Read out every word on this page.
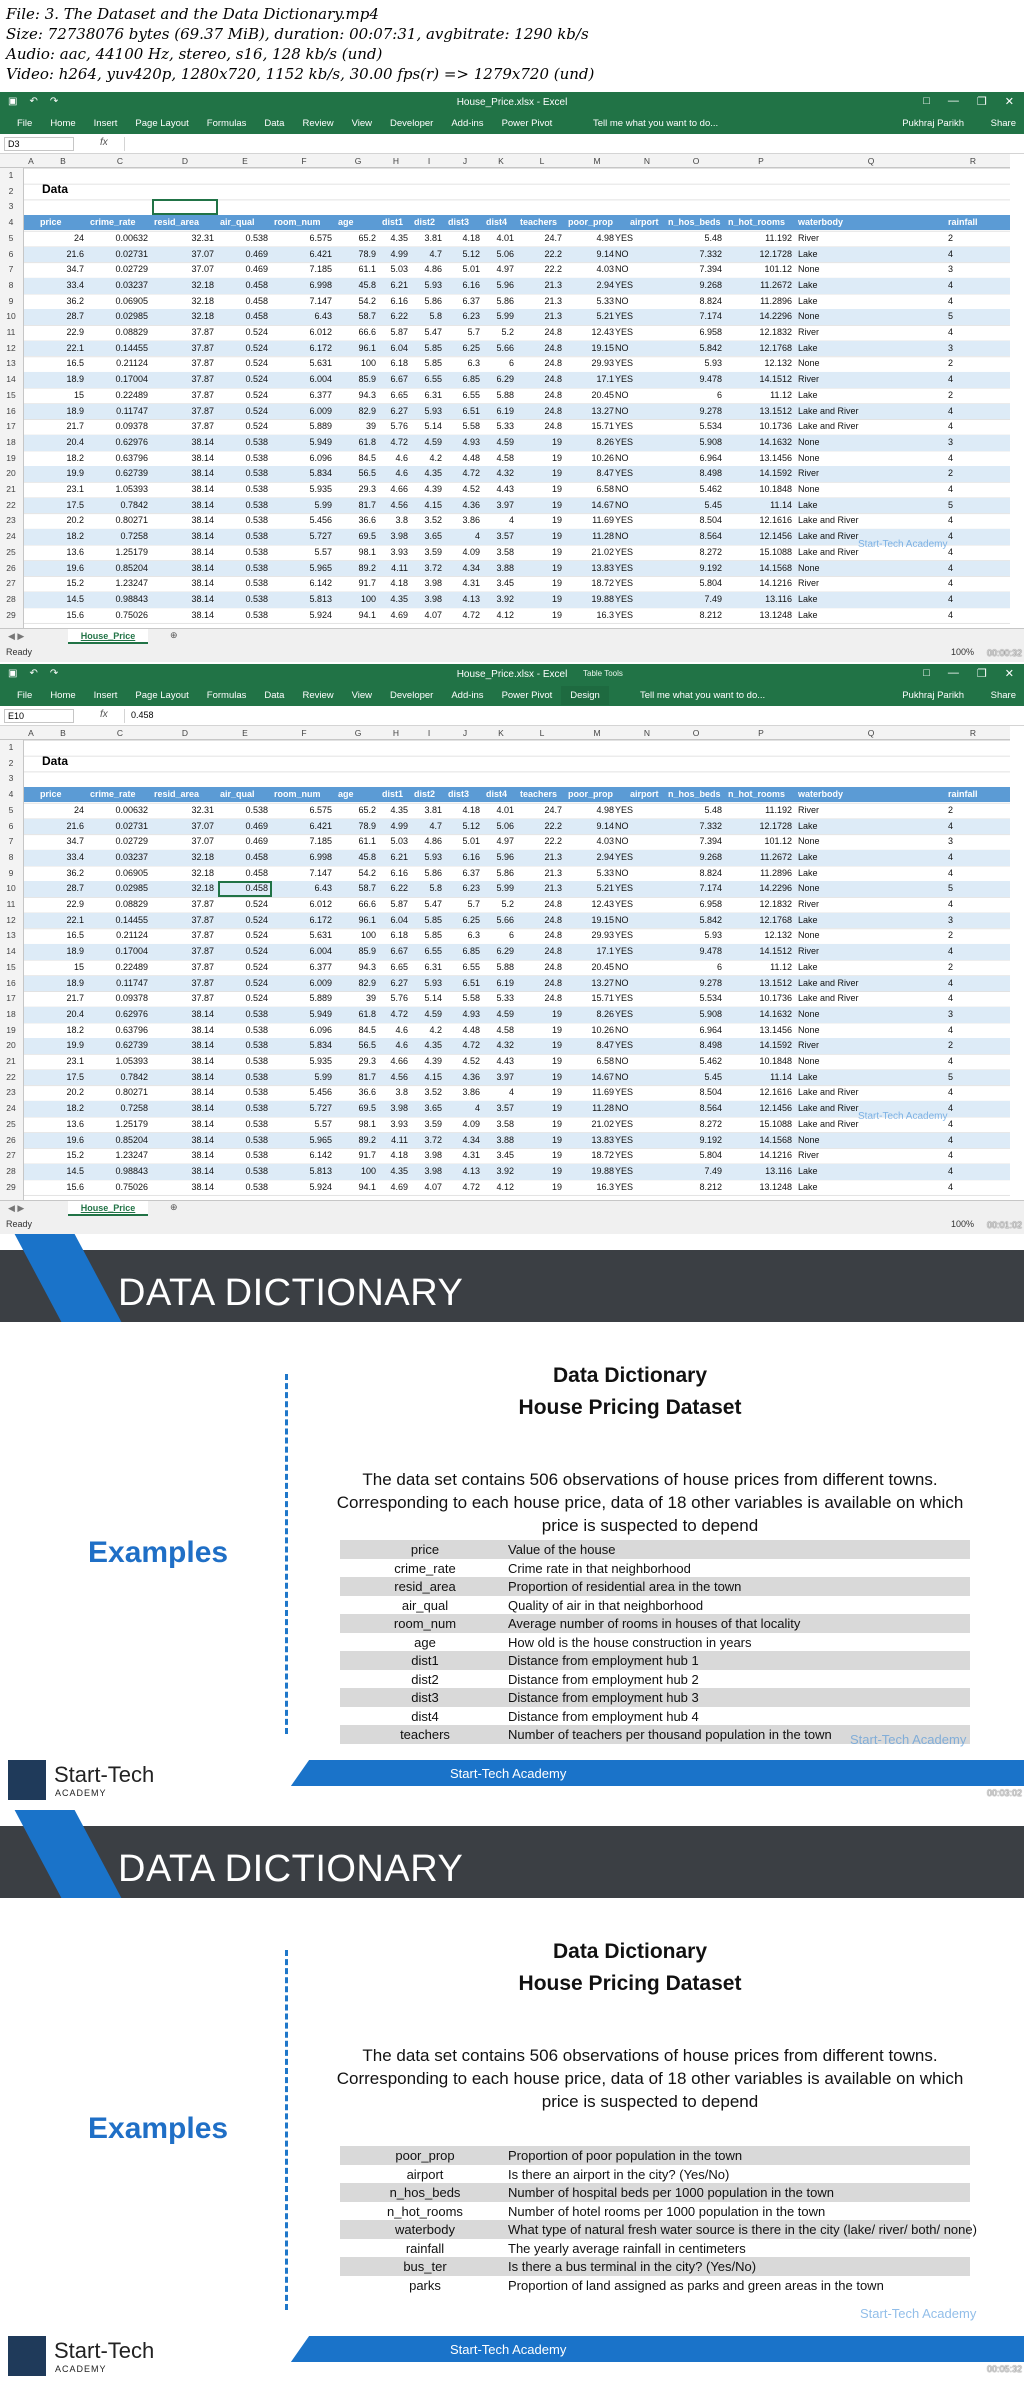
File: 3. The Dataset and the Data Dictionary.mp4
Size: 72738076 bytes (69.37 MiB), duration: 00:07:31, avgbitrate: 1290 kb/s
Audio: aac, 44100 Hz, stereo, s16, 128 kb/s (und)
Video: h264, yuv420p, 1280x720, 1152 kb/s, 30.00 fps(r) => 1279x720 (und)
▣ ↶ ↷	House_Price.xlsx - Excel	□ — ❐ ✕
File	Home	Insert	Page Layout	Formulas	Data	Review	View	Developer	Add-ins	Power Pivot	Tell me what you want to do...	Pukhraj Parikh	Share
D3	fx
A	B	C	D	E	F	G	H	I	J	K	L	M	N	O	P	Q	R
1
2
3
4
5
6
7
8
9
10
11
12
13
14
15
16
17
18
19
20
21
22
23
24
25
26
27
28
29
Data
price	crime_rate	resid_area	air_qual	room_num	age	dist1	dist2	dist3	dist4	teachers	poor_prop	airport	n_hos_beds n_hot_rooms	waterbody	rainfall
24	0.00632	32.31	0.538	6.575	65.2	4.35	3.81	4.18	4.01	24.7	4.98 YES	5.48	11.192 River	2
21.6	0.02731	37.07	0.469	6.421	78.9	4.99	4.7	5.12	5.06	22.2	9.14 NO	7.332	12.1728 Lake	4
34.7	0.02729	37.07	0.469	7.185	61.1	5.03	4.86	5.01	4.97	22.2	4.03 NO	7.394	101.12 None	3
33.4	0.03237	32.18	0.458	6.998	45.8	6.21	5.93	6.16	5.96	21.3	2.94 YES	9.268	11.2672 Lake	4
36.2	0.06905	32.18	0.458	7.147	54.2	6.16	5.86	6.37	5.86	21.3	5.33 NO	8.824	11.2896 Lake	4
28.7	0.02985	32.18	0.458	6.43	58.7	6.22	5.8	6.23	5.99	21.3	5.21 YES	7.174	14.2296 None	5
22.9	0.08829	37.87	0.524	6.012	66.6	5.87	5.47	5.7	5.2	24.8	12.43 YES	6.958	12.1832 River	4
22.1	0.14455	37.87	0.524	6.172	96.1	6.04	5.85	6.25	5.66	24.8	19.15 NO	5.842	12.1768 Lake	3
16.5	0.21124	37.87	0.524	5.631	100	6.18	5.85	6.3	6	24.8	29.93 YES	5.93	12.132 None	2
18.9	0.17004	37.87	0.524	6.004	85.9	6.67	6.55	6.85	6.29	24.8	17.1 YES	9.478	14.1512 River	4
15	0.22489	37.87	0.524	6.377	94.3	6.65	6.31	6.55	5.88	24.8	20.45 NO	6	11.12 Lake	2
18.9	0.11747	37.87	0.524	6.009	82.9	6.27	5.93	6.51	6.19	24.8	13.27 NO	9.278	13.1512 Lake and River	4
21.7	0.09378	37.87	0.524	5.889	39	5.76	5.14	5.58	5.33	24.8	15.71 YES	5.534	10.1736 Lake and River	4
20.4	0.62976	38.14	0.538	5.949	61.8	4.72	4.59	4.93	4.59	19	8.26 YES	5.908	14.1632 None	3
18.2	0.63796	38.14	0.538	6.096	84.5	4.6	4.2	4.48	4.58	19	10.26 NO	6.964	13.1456 None	4
19.9	0.62739	38.14	0.538	5.834	56.5	4.6	4.35	4.72	4.32	19	8.47 YES	8.498	14.1592 River	2
23.1	1.05393	38.14	0.538	5.935	29.3	4.66	4.39	4.52	4.43	19	6.58 NO	5.462	10.1848 None	4
17.5	0.7842	38.14	0.538	5.99	81.7	4.56	4.15	4.36	3.97	19	14.67 NO	5.45	11.14 Lake	5
20.2	0.80271	38.14	0.538	5.456	36.6	3.8	3.52	3.86	4	19	11.69 YES	8.504	12.1616 Lake and River	4
18.2	0.7258	38.14	0.538	5.727	69.5	3.98	3.65	4	3.57	19	11.28 NO	8.564	12.1456 Lake and River	4
13.6	1.25179	38.14	0.538	5.57	98.1	3.93	3.59	4.09	3.58	19	21.02 YES	8.272	15.1088 Lake and River	4
19.6	0.85204	38.14	0.538	5.965	89.2	4.11	3.72	4.34	3.88	19	13.83 YES	9.192	14.1568 None	4
15.2	1.23247	38.14	0.538	6.142	91.7	4.18	3.98	4.31	3.45	19	18.72 YES	5.804	14.1216 River	4
14.5	0.98843	38.14	0.538	5.813	100	4.35	3.98	4.13	3.92	19	19.88 YES	7.49	13.116 Lake	4
15.6	0.75026	38.14	0.538	5.924	94.1	4.69	4.07	4.72	4.12	19	16.3 YES	8.212	13.1248 Lake	4
Start-Tech Academy
◀ ▶	House_Price	⊕
Ready	100% 00:00:32
▣ ↶ ↷	House_Price.xlsx - Excel	Table Tools	□ — ❐ ✕
File	Home	Insert	Page Layout	Formulas	Data	Review	View	Developer	Add-ins	Power Pivot	Design	Tell me what you want to do...	Pukhraj Parikh	Share
E10	fx	0.458
A	B	C	D	E	F	G	H	I	J	K	L	M	N	O	P	Q	R
1
2
3
4
5
6
7
8
9
10
11
12
13
14
15
16
17
18
19
20
21
22
23
24
25
26
27
28
29
Data
price	crime_rate	resid_area	air_qual	room_num	age	dist1	dist2	dist3	dist4	teachers	poor_prop	airport	n_hos_beds n_hot_rooms	waterbody	rainfall
24	0.00632	32.31	0.538	6.575	65.2	4.35	3.81	4.18	4.01	24.7	4.98 YES	5.48	11.192 River	2
21.6	0.02731	37.07	0.469	6.421	78.9	4.99	4.7	5.12	5.06	22.2	9.14 NO	7.332	12.1728 Lake	4
34.7	0.02729	37.07	0.469	7.185	61.1	5.03	4.86	5.01	4.97	22.2	4.03 NO	7.394	101.12 None	3
33.4	0.03237	32.18	0.458	6.998	45.8	6.21	5.93	6.16	5.96	21.3	2.94 YES	9.268	11.2672 Lake	4
36.2	0.06905	32.18	0.458	7.147	54.2	6.16	5.86	6.37	5.86	21.3	5.33 NO	8.824	11.2896 Lake	4
28.7	0.02985	32.18	0.458	6.43	58.7	6.22	5.8	6.23	5.99	21.3	5.21 YES	7.174	14.2296 None	5
22.9	0.08829	37.87	0.524	6.012	66.6	5.87	5.47	5.7	5.2	24.8	12.43 YES	6.958	12.1832 River	4
22.1	0.14455	37.87	0.524	6.172	96.1	6.04	5.85	6.25	5.66	24.8	19.15 NO	5.842	12.1768 Lake	3
16.5	0.21124	37.87	0.524	5.631	100	6.18	5.85	6.3	6	24.8	29.93 YES	5.93	12.132 None	2
18.9	0.17004	37.87	0.524	6.004	85.9	6.67	6.55	6.85	6.29	24.8	17.1 YES	9.478	14.1512 River	4
15	0.22489	37.87	0.524	6.377	94.3	6.65	6.31	6.55	5.88	24.8	20.45 NO	6	11.12 Lake	2
18.9	0.11747	37.87	0.524	6.009	82.9	6.27	5.93	6.51	6.19	24.8	13.27 NO	9.278	13.1512 Lake and River	4
21.7	0.09378	37.87	0.524	5.889	39	5.76	5.14	5.58	5.33	24.8	15.71 YES	5.534	10.1736 Lake and River	4
20.4	0.62976	38.14	0.538	5.949	61.8	4.72	4.59	4.93	4.59	19	8.26 YES	5.908	14.1632 None	3
18.2	0.63796	38.14	0.538	6.096	84.5	4.6	4.2	4.48	4.58	19	10.26 NO	6.964	13.1456 None	4
19.9	0.62739	38.14	0.538	5.834	56.5	4.6	4.35	4.72	4.32	19	8.47 YES	8.498	14.1592 River	2
23.1	1.05393	38.14	0.538	5.935	29.3	4.66	4.39	4.52	4.43	19	6.58 NO	5.462	10.1848 None	4
17.5	0.7842	38.14	0.538	5.99	81.7	4.56	4.15	4.36	3.97	19	14.67 NO	5.45	11.14 Lake	5
20.2	0.80271	38.14	0.538	5.456	36.6	3.8	3.52	3.86	4	19	11.69 YES	8.504	12.1616 Lake and River	4
18.2	0.7258	38.14	0.538	5.727	69.5	3.98	3.65	4	3.57	19	11.28 NO	8.564	12.1456 Lake and River	4
13.6	1.25179	38.14	0.538	5.57	98.1	3.93	3.59	4.09	3.58	19	21.02 YES	8.272	15.1088 Lake and River	4
19.6	0.85204	38.14	0.538	5.965	89.2	4.11	3.72	4.34	3.88	19	13.83 YES	9.192	14.1568 None	4
15.2	1.23247	38.14	0.538	6.142	91.7	4.18	3.98	4.31	3.45	19	18.72 YES	5.804	14.1216 River	4
14.5	0.98843	38.14	0.538	5.813	100	4.35	3.98	4.13	3.92	19	19.88 YES	7.49	13.116 Lake	4
15.6	0.75026	38.14	0.538	5.924	94.1	4.69	4.07	4.72	4.12	19	16.3 YES	8.212	13.1248 Lake	4
Start-Tech Academy
◀ ▶	House_Price	⊕
Ready	100% 00:01:02
DATA DICTIONARY
Examples
Data Dictionary
House Pricing Dataset
The data set contains 506 observations of house prices from different towns. Corresponding to each house price, data of 18 other variables is available on which price is suspected to depend
price	Value of the house
crime_rate	Crime rate in that neighborhood
resid_area	Proportion of residential area in the town
air_qual	Quality of air in that neighborhood
room_num	Average number of rooms in houses of that locality
age	How old is the house construction in years
dist1	Distance from employment hub 1
dist2	Distance from employment hub 2
dist3	Distance from employment hub 3
dist4	Distance from employment hub 4
teachers	Number of teachers per thousand population in the town Start-Tech Academy
Start-Tech Academy
Start-Tech
ACADEMY	00:03:02
DATA DICTIONARY
Examples
Data Dictionary
House Pricing Dataset
The data set contains 506 observations of house prices from different towns. Corresponding to each house price, data of 18 other variables is available on which price is suspected to depend
poor_prop	Proportion of poor population in the town
airport	Is there an airport in the city? (Yes/No)
n_hos_beds	Number of hospital beds per 1000 population in the town
n_hot_rooms	Number of hotel rooms per 1000 population in the town
waterbody	What type of natural fresh water source is there in the city (lake/ river/ both/ none)
rainfall	The yearly average rainfall in centimeters
bus_ter	Is there a bus terminal in the city? (Yes/No)
parks	Proportion of land assigned as parks and green areas in the town
Start-Tech Academy
Start-Tech Academy
Start-Tech
ACADEMY	00:05:32
